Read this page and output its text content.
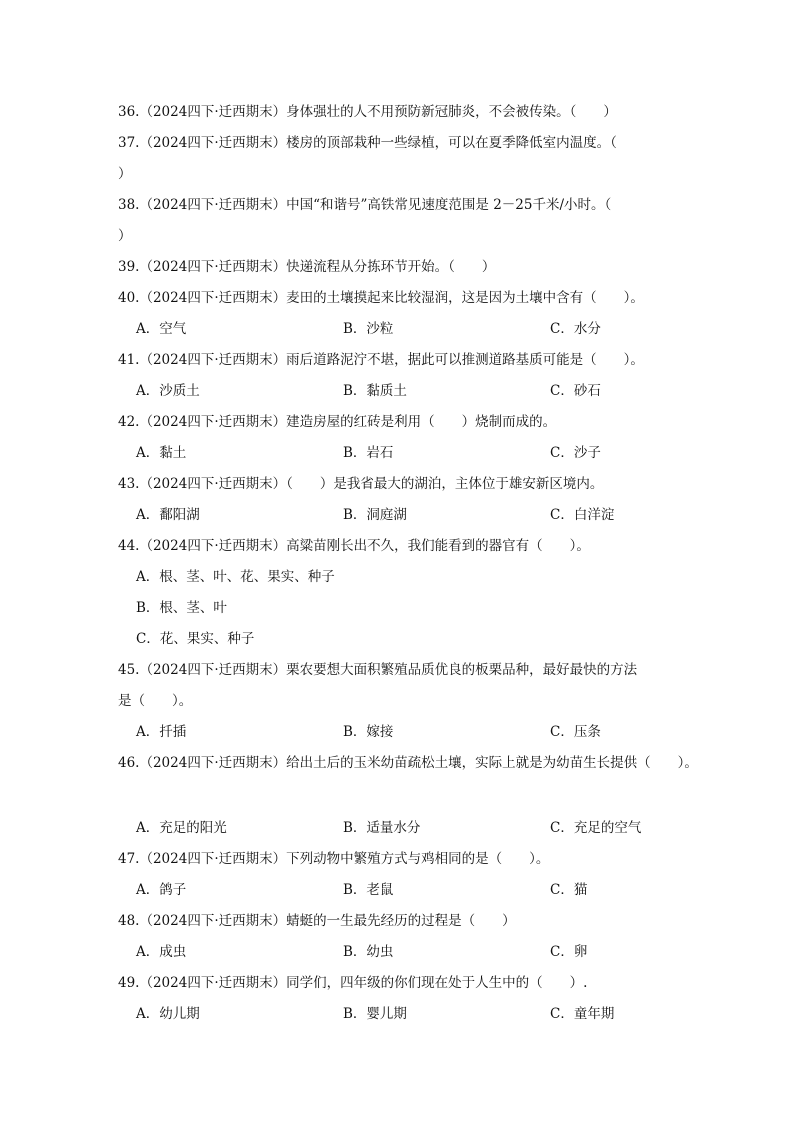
36.（2024四下·迁西期末）身体强壮的人不用预防新冠肺炎，不会被传染。（　　）
37.（2024四下·迁西期末）楼房的顶部栽种一些绿植，可以在夏季降低室内温度。（
）
38.（2024四下·迁西期末）中国“和谐号”高铁常见速度范围是 2－25千米/小时。（
）
39.（2024四下·迁西期末）快递流程从分拣环节开始。（　　）
40.（2024四下·迁西期末）麦田的土壤摸起来比较湿润，这是因为土壤中含有（　　）。
A．空气	B．沙粒	C．水分
41.（2024四下·迁西期末）雨后道路泥泞不堪，据此可以推测道路基质可能是（　　）。
A．沙质土	B．黏质土	C．砂石
42.（2024四下·迁西期末）建造房屋的红砖是利用（　　）烧制而成的。
A．黏土	B．岩石	C．沙子
43.（2024四下·迁西期末）（　　）是我省最大的湖泊，主体位于雄安新区境内。
A．鄱阳湖	B．洞庭湖	C．白洋淀
44.（2024四下·迁西期末）高粱苗刚长出不久，我们能看到的器官有（　　）。
A．根、茎、叶、花、果实、种子
B．根、茎、叶
C．花、果实、种子
45.（2024四下·迁西期末）栗农要想大面积繁殖品质优良的板栗品种，最好最快的方法
是（　　）。
A．扦插	B．嫁接	C．压条
46.（2024四下·迁西期末）给出土后的玉米幼苗疏松土壤，实际上就是为幼苗生长提供（　　）。
A．充足的阳光	B．适量水分	C．充足的空气
47.（2024四下·迁西期末）下列动物中繁殖方式与鸡相同的是（　　）。
A．鸽子	B．老鼠	C．猫
48.（2024四下·迁西期末）蜻蜓的一生最先经历的过程是（　　）
A．成虫	B．幼虫	C．卵
49.（2024四下·迁西期末）同学们，四年级的你们现在处于人生中的（　　）.
A．幼儿期	B．婴儿期	C．童年期
